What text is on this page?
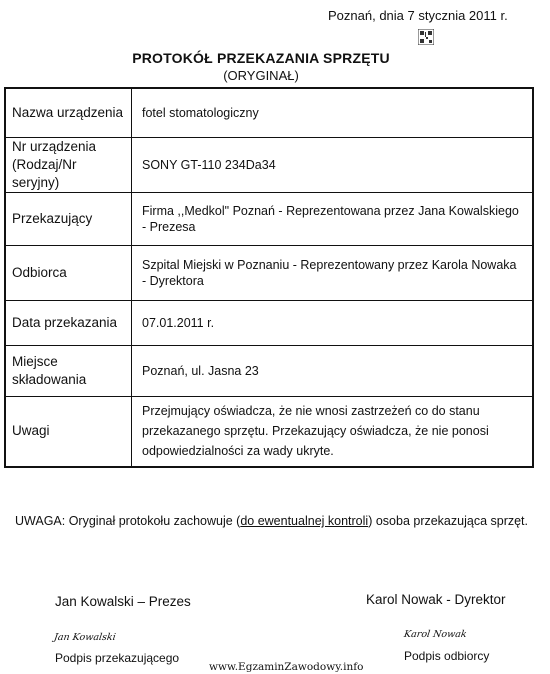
Poznań, dnia 7 stycznia 2011 r.
PROTOKÓŁ PRZEKAZANIA SPRZĘTU
(ORYGINAŁ)
Nazwa urządzenia	fotel stomatologiczny
Nr urządzenia (Rodzaj/Nr seryjny)	SONY GT-110 234Da34
Przekazujący	Firma ,,Medkol" Poznań - Reprezentowana przez Jana Kowalskiego - Prezesa
Odbiorca	Szpital Miejski w Poznaniu - Reprezentowany przez Karola Nowaka - Dyrektora
Data przekazania	07.01.2011 r.
Miejsce składowania	Poznań, ul. Jasna 23
Uwagi	Przejmujący oświadcza, że nie wnosi zastrzeżeń co do stanu przekazanego sprzętu. Przekazujący oświadcza, że nie ponosi odpowiedzialności za wady ukryte.
UWAGA: Oryginał protokołu zachowuje (do ewentualnej kontroli) osoba przekazująca sprzęt.
Jan Kowalski – Prezes	Karol Nowak - Dyrektor
Jan Kowalski	Karol Nowak
Podpis przekazującego	Podpis odbiorcy
www.EgzaminZawodowy.info
